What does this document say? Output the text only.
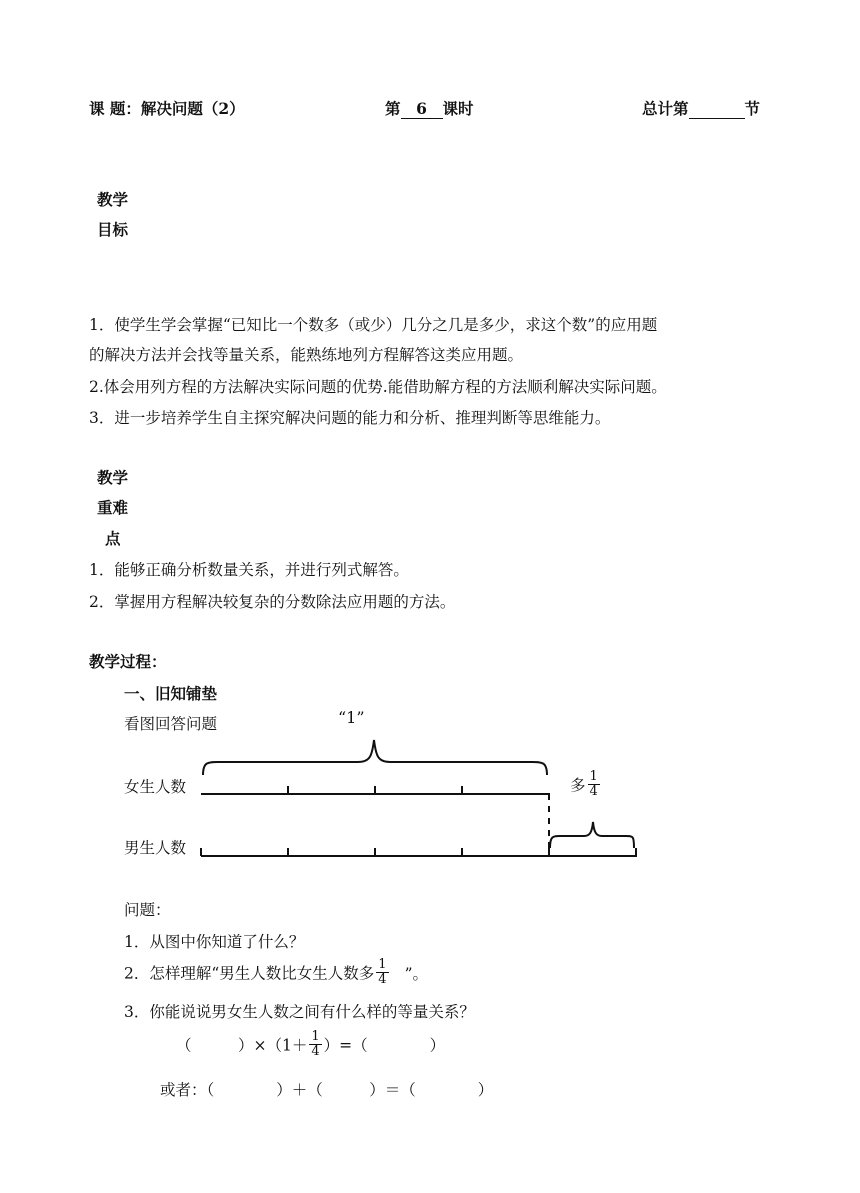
课 题：解决问题（2）	第 6 课时	总计第	节
教学
目标
1．使学生学会掌握“已知比一个数多（或少）几分之几是多少，求这个数”的应用题
的解决方法并会找等量关系，能熟练地列方程解答这类应用题。
2.体会用列方程的方法解决实际问题的优势.能借助解方程的方法顺利解决实际问题。
3．进一步培养学生自主探究解决问题的能力和分析、推理判断等思维能力。
教学
重难
点
1．能够正确分析数量关系，并进行列式解答。
2．掌握用方程解决较复杂的分数除法应用题的方法。
教学过程：
一、旧知铺垫
看图回答问题	“1”
女生人数
男生人数
多 $\frac{1}{4}$
问题：
1．从图中你知道了什么？
2．怎样理解“男生人数比女生人数多 $\frac{1}{4}$ ”。
3．你能说说男女生人数之间有什么样的等量关系？
（　　　）$\times(1+ \frac{1}{4}$ ）=（　　　　）
或者：（　　　　）＋（　　　）＝（　　　　）
